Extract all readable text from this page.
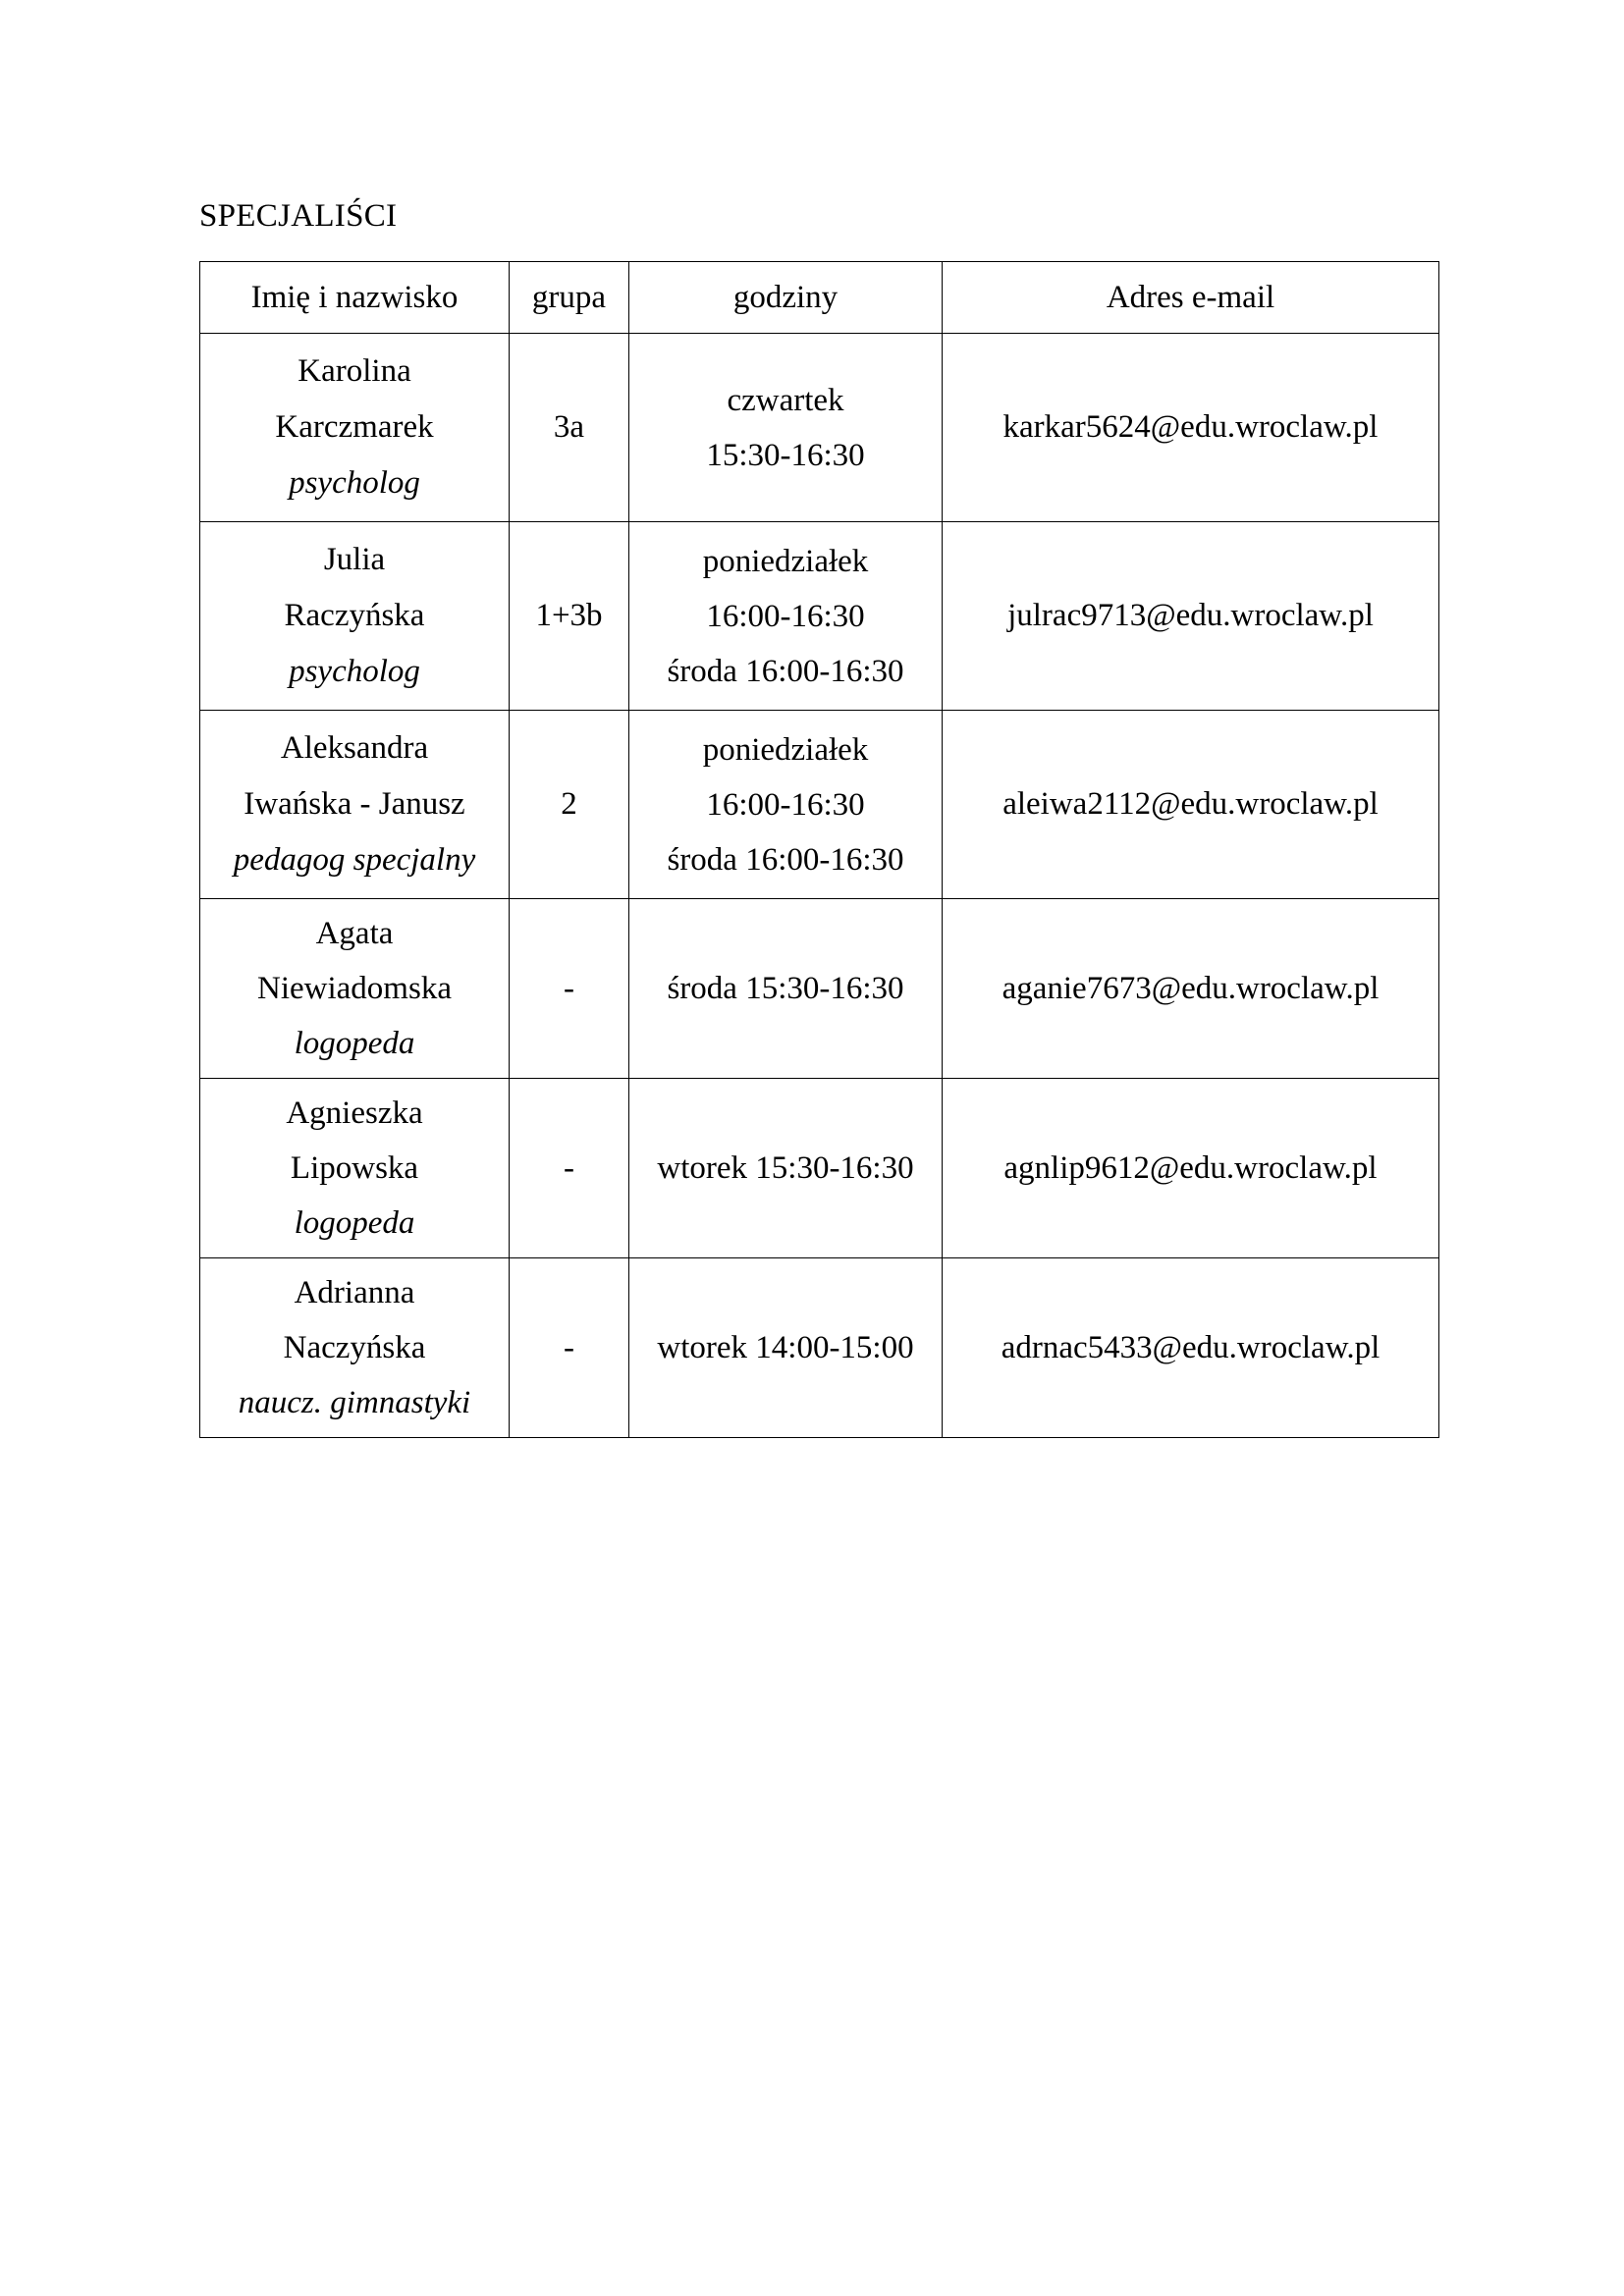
SPECJALIŚCI
Imię i nazwisko	grupa	godziny	Adres e-mail

Karolina
Karczmarek
psycholog	3a	czwartek
15:30-16:30	karkar5624@edu.wroclaw.pl

Julia
Raczyńska
psycholog	1+3b	poniedziałek
16:00-16:30
środa 16:00-16:30	julrac9713@edu.wroclaw.pl

Aleksandra
Iwańska - Janusz
pedagog specjalny	2	poniedziałek
16:00-16:30
środa 16:00-16:30	aleiwa2112@edu.wroclaw.pl

Agata
Niewiadomska
logopeda	-	środa 15:30-16:30	aganie7673@edu.wroclaw.pl

Agnieszka
Lipowska
logopeda	-	wtorek 15:30-16:30	agnlip9612@edu.wroclaw.pl

Adrianna
Naczyńska
naucz. gimnastyki	-	wtorek 14:00-15:00	adrnac5433@edu.wroclaw.pl
